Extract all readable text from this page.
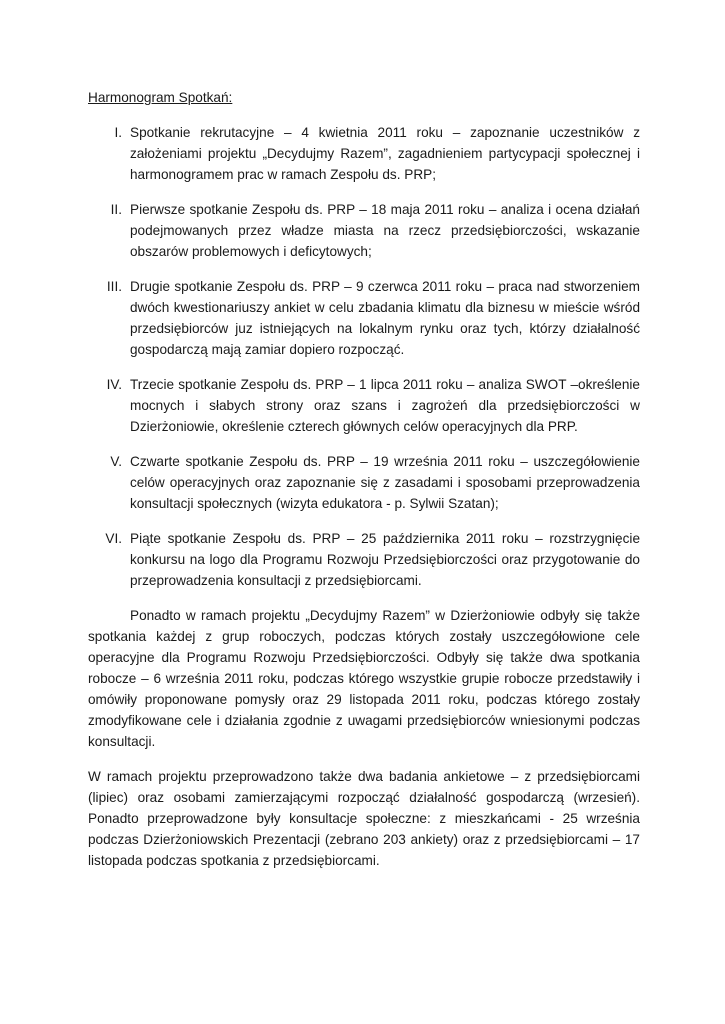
Harmonogram Spotkań:
I. Spotkanie rekrutacyjne – 4 kwietnia 2011 roku – zapoznanie uczestników z założeniami projektu „Decydujmy Razem”, zagadnieniem partycypacji społecznej i harmonogramem prac w ramach Zespołu ds. PRP;
II. Pierwsze spotkanie Zespołu ds. PRP – 18 maja 2011 roku – analiza i ocena działań podejmowanych przez władze miasta na rzecz przedsiębiorczości, wskazanie obszarów problemowych i deficytowych;
III. Drugie spotkanie Zespołu ds. PRP – 9 czerwca 2011 roku – praca nad stworzeniem dwóch kwestionariuszy ankiet w celu zbadania klimatu dla biznesu w mieście wśród przedsiębiorców juz istniejących na lokalnym rynku oraz tych, którzy działalność gospodarczą mają zamiar dopiero rozpocząć.
IV. Trzecie spotkanie Zespołu ds. PRP – 1 lipca 2011 roku – analiza SWOT –określenie mocnych i słabych strony oraz szans i zagrożeń dla przedsiębiorczości w Dzierżoniowie, określenie czterech głównych celów operacyjnych dla PRP.
V. Czwarte spotkanie Zespołu ds. PRP – 19 września 2011 roku – uszczegółowienie celów operacyjnych oraz zapoznanie się z zasadami i sposobami przeprowadzenia konsultacji społecznych (wizyta edukatora - p. Sylwii Szatan);
VI. Piąte spotkanie Zespołu ds. PRP – 25 października 2011 roku – rozstrzygnięcie konkursu na logo dla Programu Rozwoju Przedsiębiorczości oraz przygotowanie do przeprowadzenia konsultacji z przedsiębiorcami.

Ponadto w ramach projektu „Decydujmy Razem” w Dzierżoniowie odbyły się także spotkania każdej z grup roboczych, podczas których zostały uszczegółowione cele operacyjne dla Programu Rozwoju Przedsiębiorczości. Odbyły się także dwa spotkania robocze – 6 września 2011 roku, podczas którego wszystkie grupie robocze przedstawiły i omówiły proponowane pomysły oraz 29 listopada 2011 roku, podczas którego zostały zmodyfikowane cele i działania zgodnie z uwagami przedsiębiorców wniesionymi podczas konsultacji.

W ramach projektu przeprowadzono także dwa badania ankietowe – z przedsiębiorcami (lipiec) oraz osobami zamierzającymi rozpocząć działalność gospodarczą (wrzesień). Ponadto przeprowadzone były konsultacje społeczne: z mieszkańcami - 25 września podczas Dzierżoniowskich Prezentacji (zebrano 203 ankiety) oraz z przedsiębiorcami – 17 listopada podczas spotkania z przedsiębiorcami.
